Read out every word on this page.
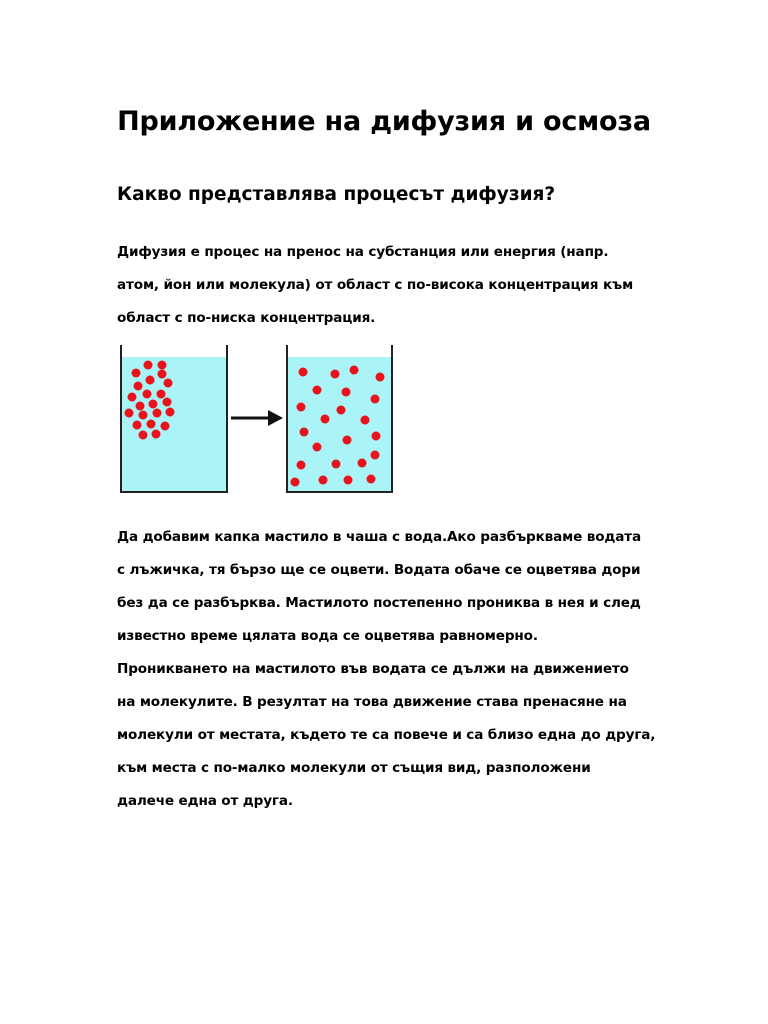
Приложение на дифузия и осмоза
Какво представлява процесът дифузия?

Дифузия е процес на пренос на субстанция или енергия (напр.
атом, йон или молекула) от област с по-висока концентрация към
област с по-ниска концентрация.

Да добавим капка мастило в чаша с вода.Ако разбъркваме водата
с лъжичка, тя бързо ще се оцвети. Водата обаче се оцветява дори
без да се разбърква. Мастилото постепенно прониква в нея и след
известно време цялата вода се оцветява равномерно.
Проникването на мастилото във водата се дължи на движението
на молекулите. В резултат на това движение става пренасяне на
молекули от местата, където те са повече и са близо една до друга,
към места с по-малко молекули от същия вид, разположени
далече една от друга.
